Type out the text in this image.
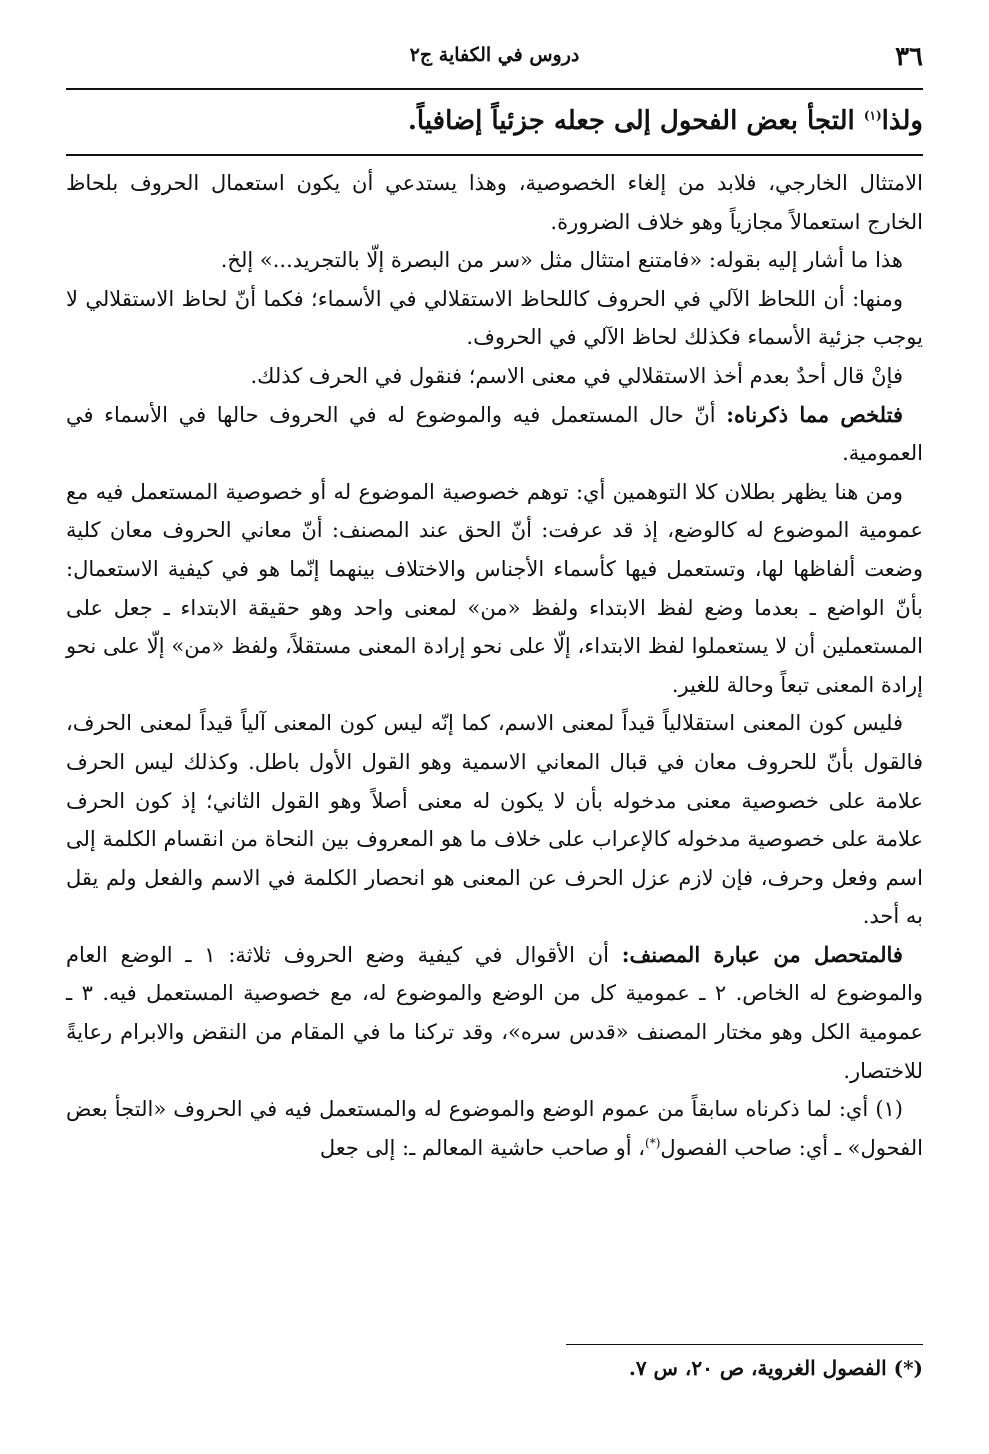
٣٦
دروس في الكفاية ج٢
ولذا$^{(١)}$ التجأ بعض الفحول إلى جعله جزئياً إضافياً.

الامتثال الخارجي، فلابد من إلغاء الخصوصية، وهذا يستدعي أن يكون استعمال الحروف بلحاظ الخارج استعمالاً مجازياً وهو خلاف الضرورة.

هذا ما أشار إليه بقوله: «فامتنع امتثال مثل «سر من البصرة إلّا بالتجريد...» إلخ.

ومنها: أن اللحاظ الآلي في الحروف كاللحاظ الاستقلالي في الأسماء؛ فكما أنّ لحاظ الاستقلالي لا يوجب جزئية الأسماء فكذلك لحاظ الآلي في الحروف.

فإنْ قال أحدٌ بعدم أخذ الاستقلالي في معنى الاسم؛ فنقول في الحرف كذلك.

فتلخص مما ذكرناه: أنّ حال المستعمل فيه والموضوع له في الحروف حالها في الأسماء في العمومية.

ومن هنا يظهر بطلان كلا التوهمين أي: توهم خصوصية الموضوع له أو خصوصية المستعمل فيه مع عمومية الموضوع له كالوضع، إذ قد عرفت: أنّ الحق عند المصنف: أنّ معاني الحروف معان كلية وضعت ألفاظها لها، وتستعمل فيها كأسماء الأجناس والاختلاف بينهما إنّما هو في كيفية الاستعمال: بأنّ الواضع ـ بعدما وضع لفظ الابتداء ولفظ «من» لمعنى واحد وهو حقيقة الابتداء ـ جعل على المستعملين أن لا يستعملوا لفظ الابتداء، إلّا على نحو إرادة المعنى مستقلاً، ولفظ «من» إلّا على نحو إرادة المعنى تبعاً وحالة للغير.

فليس كون المعنى استقلالياً قيداً لمعنى الاسم، كما إنّه ليس كون المعنى آلياً قيداً لمعنى الحرف، فالقول بأنّ للحروف معان في قبال المعاني الاسمية وهو القول الأول باطل. وكذلك ليس الحرف علامة على خصوصية معنى مدخوله بأن لا يكون له معنى أصلاً وهو القول الثاني؛ إذ كون الحرف علامة على خصوصية مدخوله كالإعراب على خلاف ما هو المعروف بين النحاة من انقسام الكلمة إلى اسم وفعل وحرف، فإن لازم عزل الحرف عن المعنى هو انحصار الكلمة في الاسم والفعل ولم يقل به أحد.

فالمتحصل من عبارة المصنف: أن الأقوال في كيفية وضع الحروف ثلاثة: ١ ـ الوضع العام والموضوع له الخاص. ٢ ـ عمومية كل من الوضع والموضوع له، مع خصوصية المستعمل فيه. ٣ ـ عمومية الكل وهو مختار المصنف «قدس سره»، وقد تركنا ما في المقام من النقض والابرام رعايةً للاختصار.

(١) أي: لما ذكرناه سابقاً من عموم الوضع والموضوع له والمستعمل فيه في الحروف «التجأ بعض الفحول» ـ أي: صاحب الفصول(*)، أو صاحب حاشية المعالم ـ: إلى جعل

(*) الفصول الغروية، ص ٢٠، س ٧.
